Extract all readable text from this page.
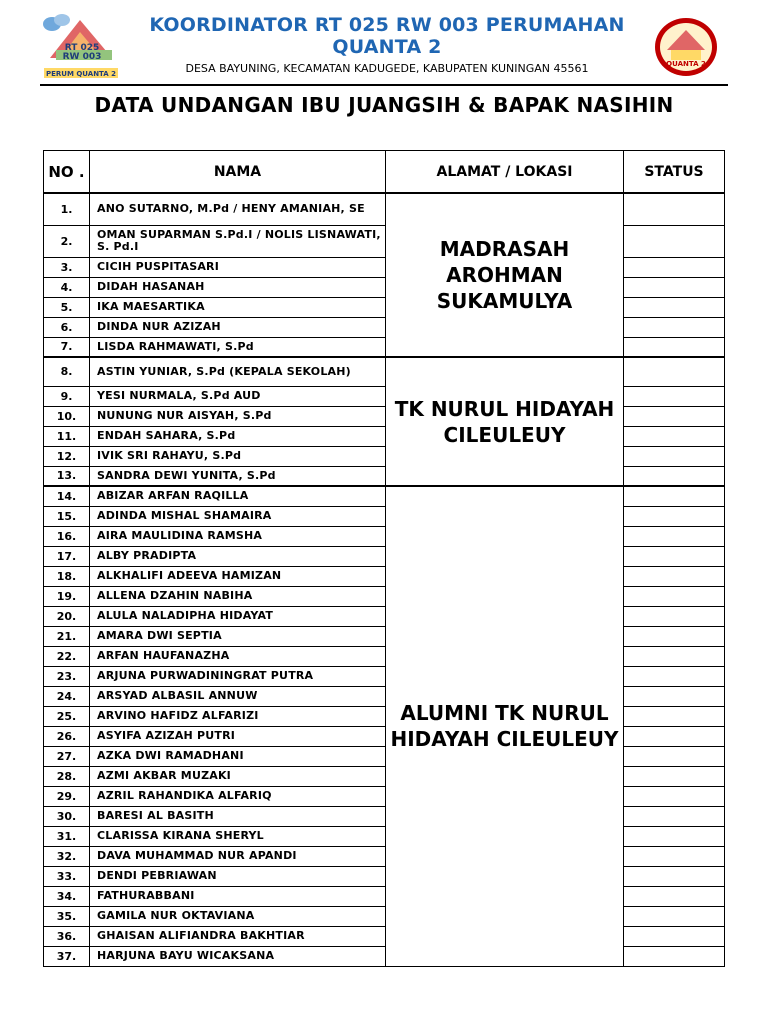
RT 025
RW 003
PERUM QUANTA 2
KOORDINATOR RT 025 RW 003 PERUMAHAN QUANTA 2
DESA BAYUNING, KECAMATAN KADUGEDE, KABUPATEN KUNINGAN 45561	QUANTA 2
DATA UNDANGAN IBU JUANGSIH & BAPAK NASIHIN
NO .	NAMA	ALAMAT / LOKASI	STATUS
1.	ANO SUTARNO, M.Pd / HENY AMANIAH, SE	MADRASAH AROHMAN SUKAMULYA	
2.	OMAN SUPARMAN S.Pd.I / NOLIS LISNAWATI, S. Pd.I		
3.	CICIH PUSPITASARI		
4.	DIDAH HASANAH		
5.	IKA MAESARTIKA		
6.	DINDA NUR AZIZAH		
7.	LISDA RAHMAWATI, S.Pd		
8.	ASTIN YUNIAR, S.Pd (KEPALA SEKOLAH)	TK NURUL HIDAYAH CILEULEUY	
9.	YESI NURMALA, S.Pd AUD		
10.	NUNUNG NUR AISYAH, S.Pd		
11.	ENDAH SAHARA, S.Pd		
12.	IVIK SRI RAHAYU, S.Pd		
13.	SANDRA DEWI YUNITA, S.Pd		
14.	ABIZAR ARFAN RAQILLA	ALUMNI TK NURUL HIDAYAH CILEULEUY	
15.	ADINDA MISHAL SHAMAIRA		
16.	AIRA MAULIDINA RAMSHA		
17.	ALBY PRADIPTA		
18.	ALKHALIFI ADEEVA HAMIZAN		
19.	ALLENA DZAHIN NABIHA		
20.	ALULA NALADIPHA HIDAYAT		
21.	AMARA DWI SEPTIA		
22.	ARFAN HAUFANAZHA		
23.	ARJUNA PURWADININGRAT PUTRA		
24.	ARSYAD ALBASIL ANNUW		
25.	ARVINO HAFIDZ ALFARIZI		
26.	ASYIFA AZIZAH PUTRI		
27.	AZKA DWI RAMADHANI		
28.	AZMI AKBAR MUZAKI		
29.	AZRIL RAHANDIKA ALFARIQ		
30.	BARESI AL BASITH		
31.	CLARISSA KIRANA SHERYL		
32.	DAVA MUHAMMAD NUR APANDI		
33.	DENDI PEBRIAWAN		
34.	FATHURABBANI		
35.	GAMILA NUR OKTAVIANA		
36.	GHAISAN ALIFIANDRA BAKHTIAR		
37.	HARJUNA BAYU WICAKSANA		
